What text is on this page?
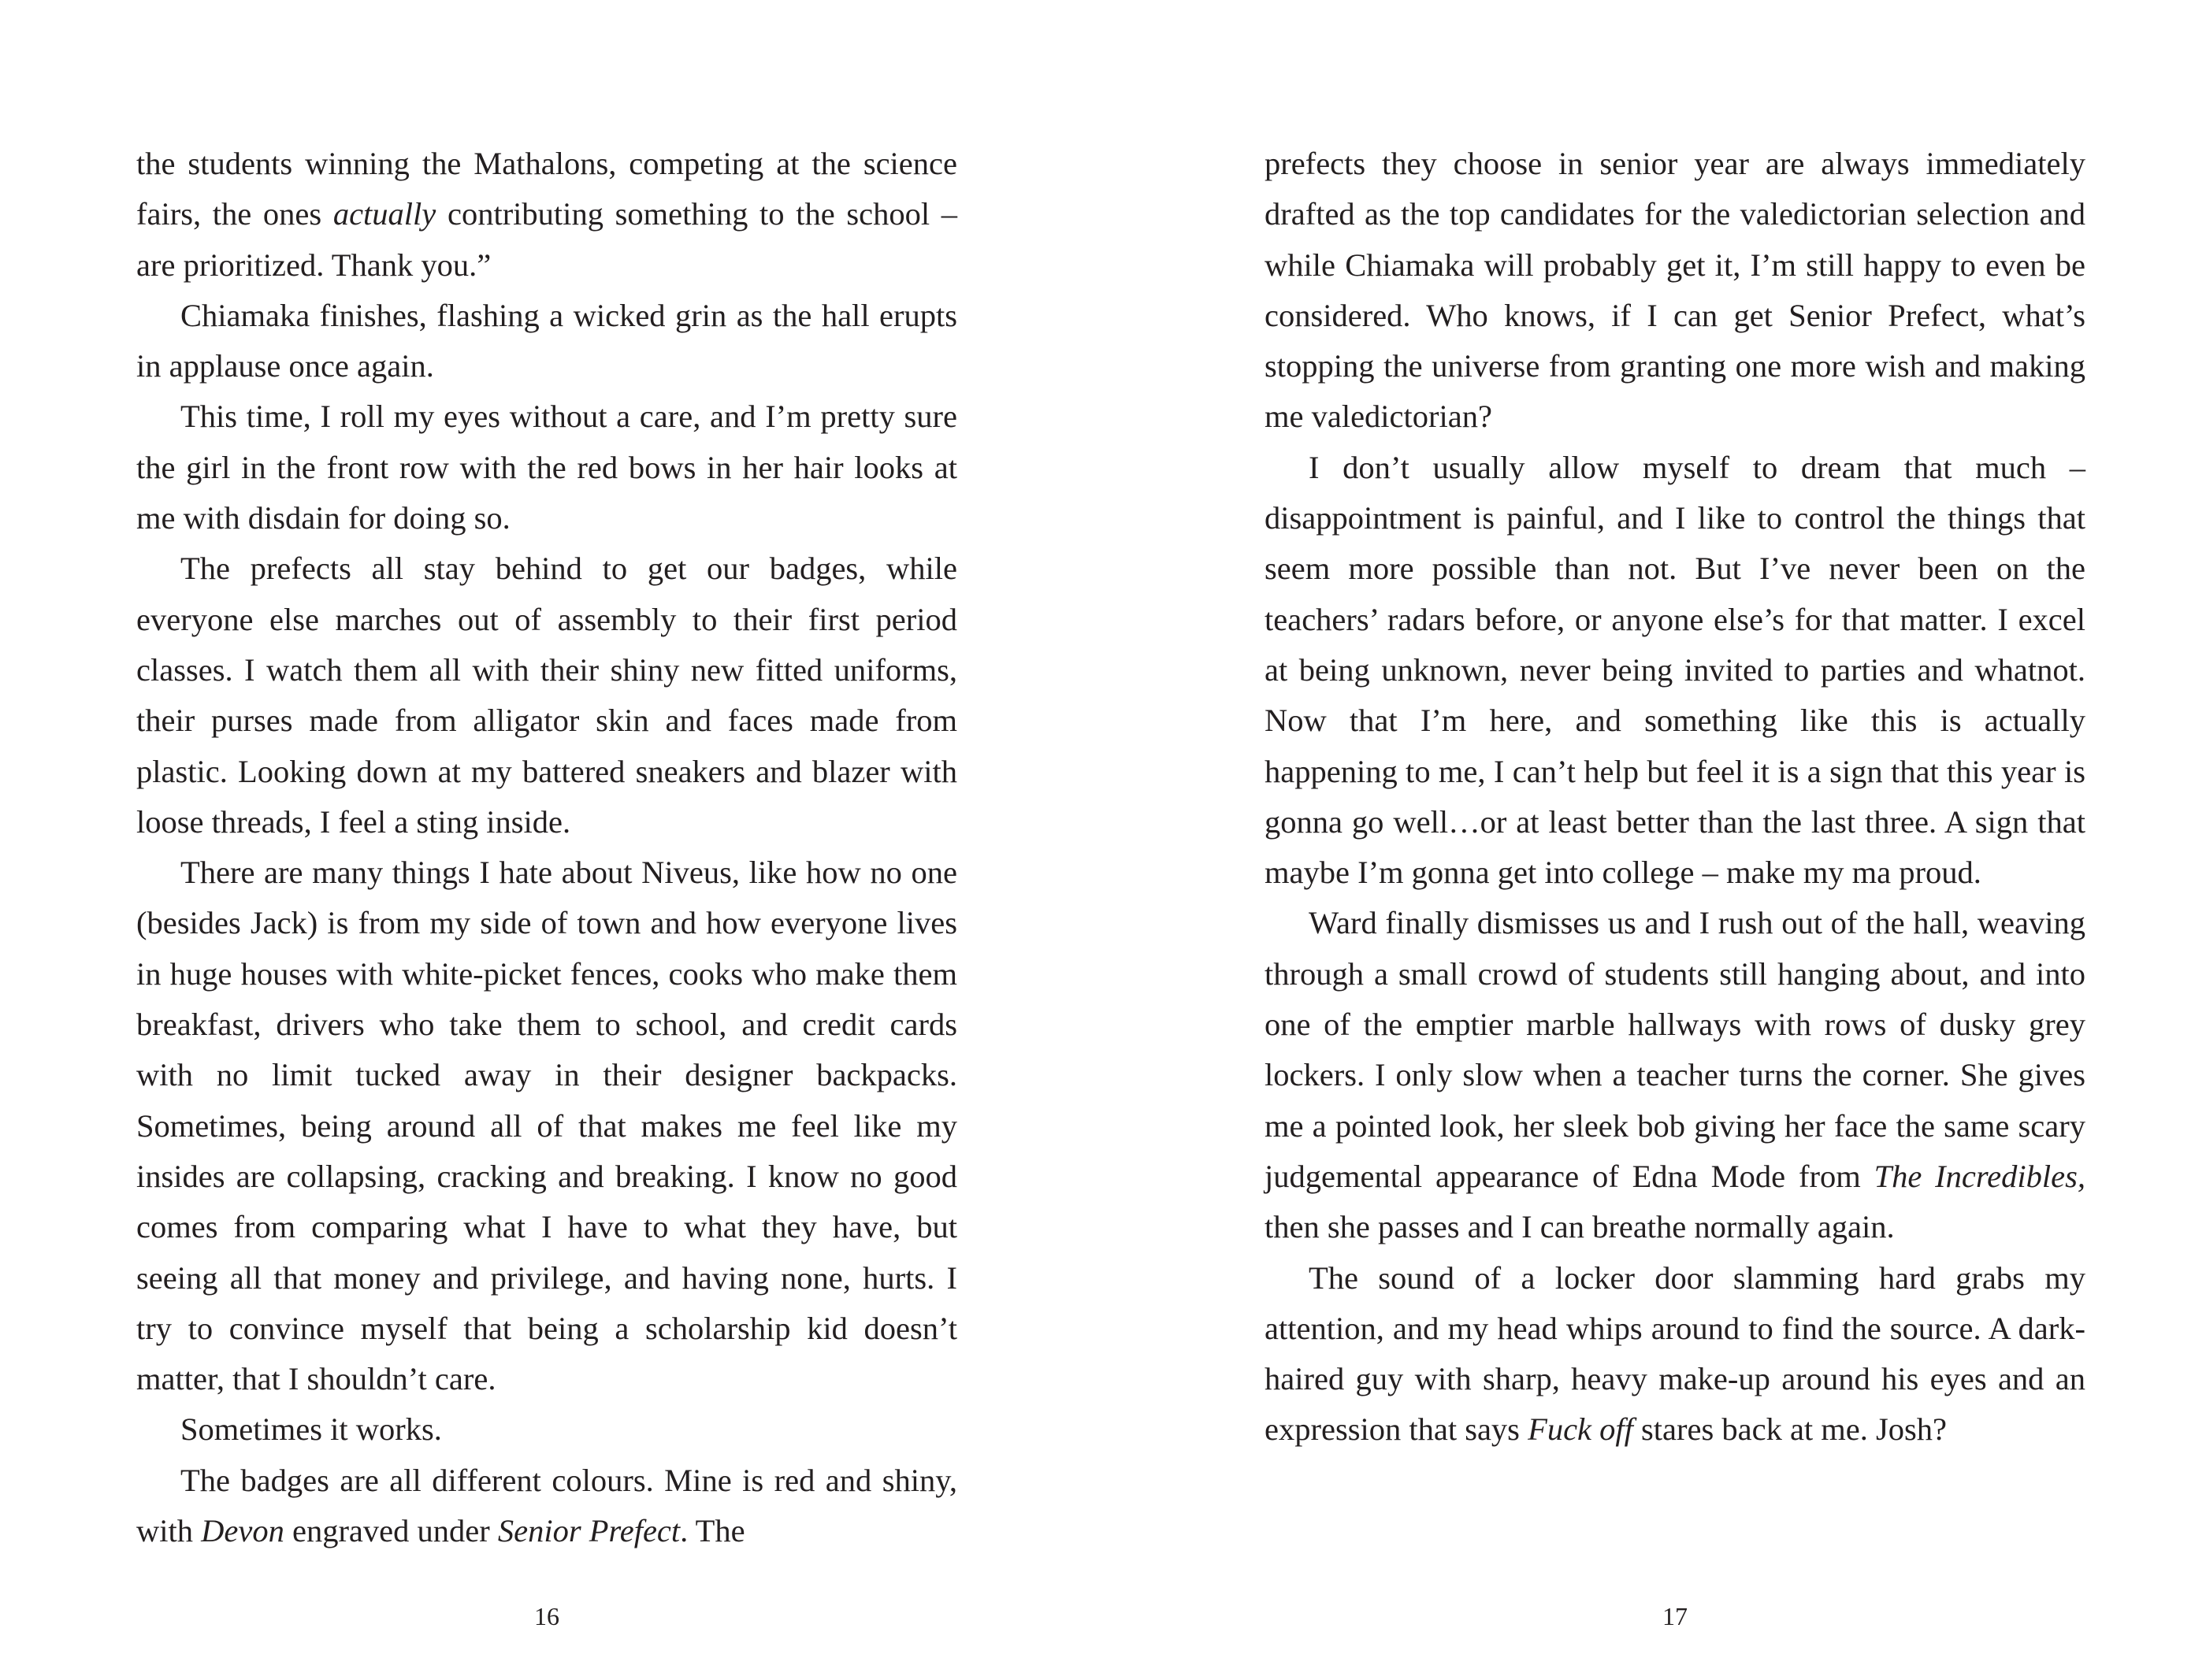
the students winning the Mathalons, competing at the science fairs, the ones actually contributing something to the school – are prioritized. Thank you.”

Chiamaka finishes, flashing a wicked grin as the hall erupts in applause once again.

This time, I roll my eyes without a care, and I’m pretty sure the girl in the front row with the red bows in her hair looks at me with disdain for doing so.

The prefects all stay behind to get our badges, while everyone else marches out of assembly to their first period classes. I watch them all with their shiny new fitted uniforms, their purses made from alligator skin and faces made from plastic. Looking down at my battered sneakers and blazer with loose threads, I feel a sting inside.

There are many things I hate about Niveus, like how no one (besides Jack) is from my side of town and how everyone lives in huge houses with white-picket fences, cooks who make them breakfast, drivers who take them to school, and credit cards with no limit tucked away in their designer backpacks. Sometimes, being around all of that makes me feel like my insides are collapsing, cracking and breaking. I know no good comes from comparing what I have to what they have, but seeing all that money and privilege, and having none, hurts. I try to convince myself that being a scholarship kid doesn’t matter, that I shouldn’t care.

Sometimes it works.

The badges are all different colours. Mine is red and shiny, with Devon engraved under Senior Prefect. The

16

prefects they choose in senior year are always immediately drafted as the top candidates for the valedictorian selection and while Chiamaka will probably get it, I’m still happy to even be considered. Who knows, if I can get Senior Prefect, what’s stopping the universe from granting one more wish and making me valedictorian?

I don’t usually allow myself to dream that much – disappointment is painful, and I like to control the things that seem more possible than not. But I’ve never been on the teachers’ radars before, or anyone else’s for that matter. I excel at being unknown, never being invited to parties and whatnot. Now that I’m here, and something like this is actually happening to me, I can’t help but feel it is a sign that this year is gonna go well…or at least better than the last three. A sign that maybe I’m gonna get into college – make my ma proud.

Ward finally dismisses us and I rush out of the hall, weaving through a small crowd of students still hanging about, and into one of the emptier marble hallways with rows of dusky grey lockers. I only slow when a teacher turns the corner. She gives me a pointed look, her sleek bob giving her face the same scary judgemental appearance of Edna Mode from The Incredibles, then she passes and I can breathe normally again.

The sound of a locker door slamming hard grabs my attention, and my head whips around to find the source. A dark-haired guy with sharp, heavy make-up around his eyes and an expression that says Fuck off stares back at me. Josh?

17
